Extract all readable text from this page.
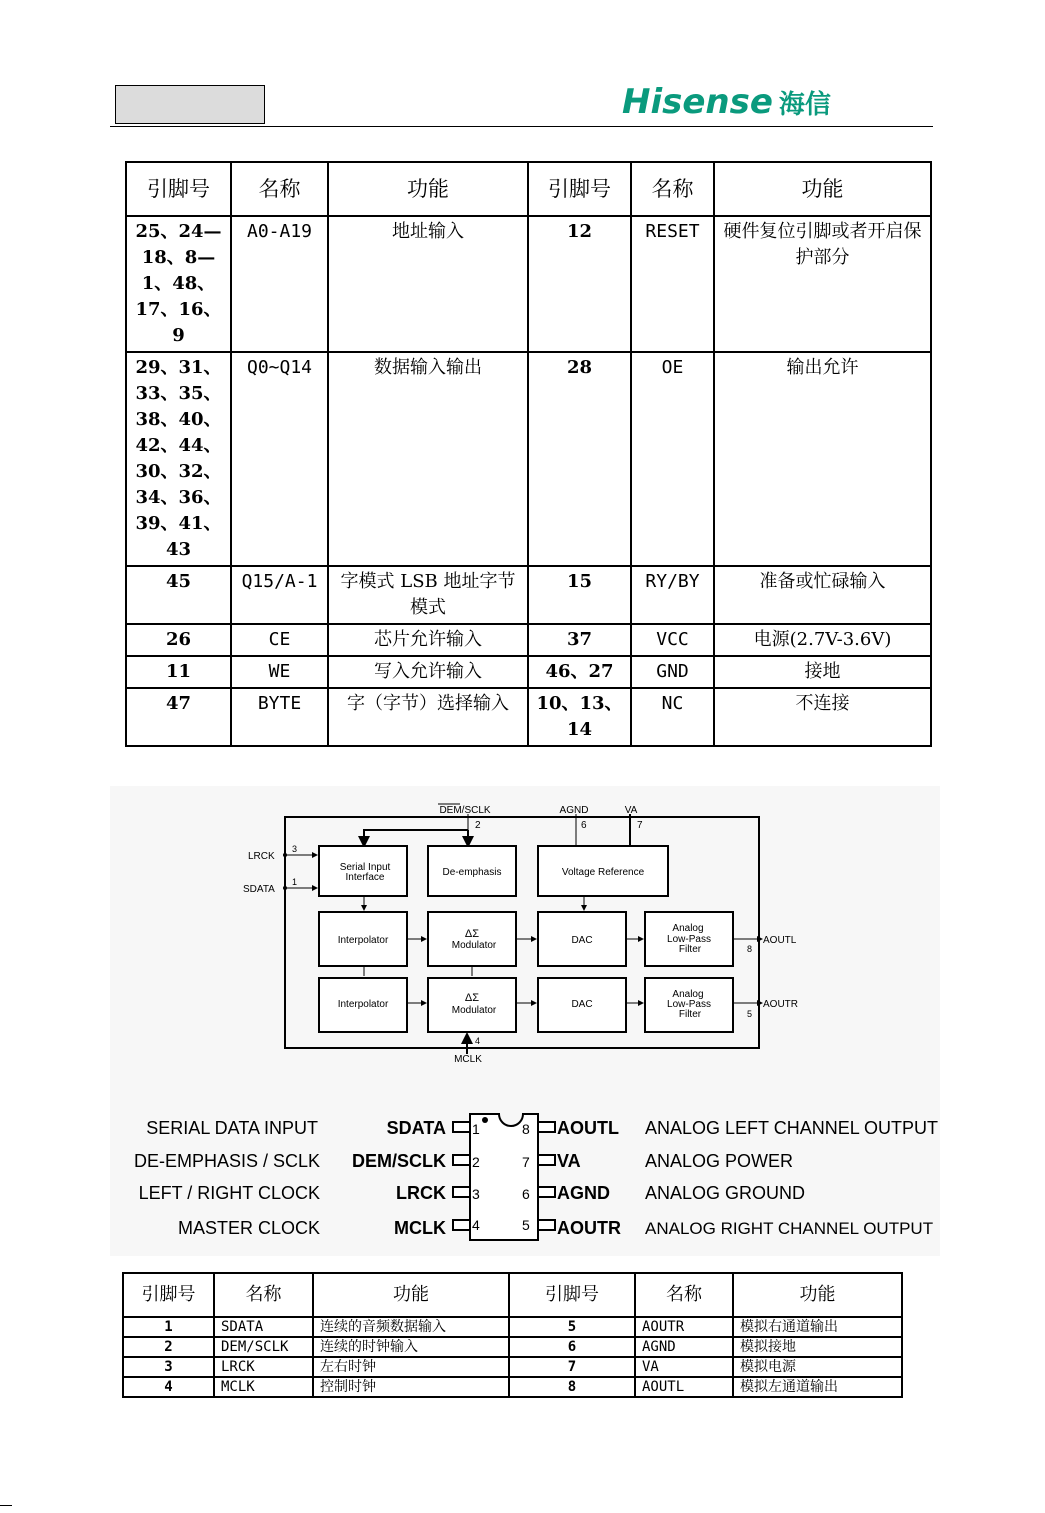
Hisense 海信
引脚号	名称	功能	引脚号	名称	功能
25、24—18、8—1、48、17、16、9	A0-A19	地址输入	12	RESET	硬件复位引脚或者开启保护部分
29、31、33、35、38、40、42、44、30、32、34、36、39、41、43	Q0~Q14	数据输入输出	28	OE	输出允许
45	Q15/A-1	字模式 LSB 地址字节模式	15	RY/BY	准备或忙碌输入
26	CE	芯片允许输入	37	VCC	电源(2.7V-3.6V)
11	WE	写入允许输入	46、27	GND	接地
47	BYTE	字（字节）选择输入	10、13、14	NC	不连接
DEM/SCLK
2
AGND
6
VA
7
LRCK
3
SDATA
1
Serial Input
Interface	De-emphasis	Voltage Reference
Interpolator
ΔΣ
Modulator	DAC
Analog
Low-Pass
Filter
AOUTL
8
Interpolator
ΔΣ
Modulator
DAC
Analog
Low-Pass
Filter
AOUTR
5
4
MCLK
SERIAL DATA INPUT	SDATA 1
DE-EMPHASIS / SCLK DEM/SCLK 2
LEFT / RIGHT CLOCK	LRCK 3
MASTER CLOCK	MCLK 4
8 AOUTL ANALOG LEFT CHANNEL OUTPUT
7 VA	ANALOG POWER
6 AGND ANALOG GROUND
5 AOUTR ANALOG RIGHT CHANNEL OUTPUT
引脚号	名称	功能	引脚号	名称	功能
1	SDATA	连续的音频数据输入	5	AOUTR	模拟右通道输出
2	DEM/SCLK	连续的时钟输入	6	AGND	模拟接地
3	LRCK	左右时钟	7	VA	模拟电源
4	MCLK	控制时钟	8	AOUTL	模拟左通道输出
